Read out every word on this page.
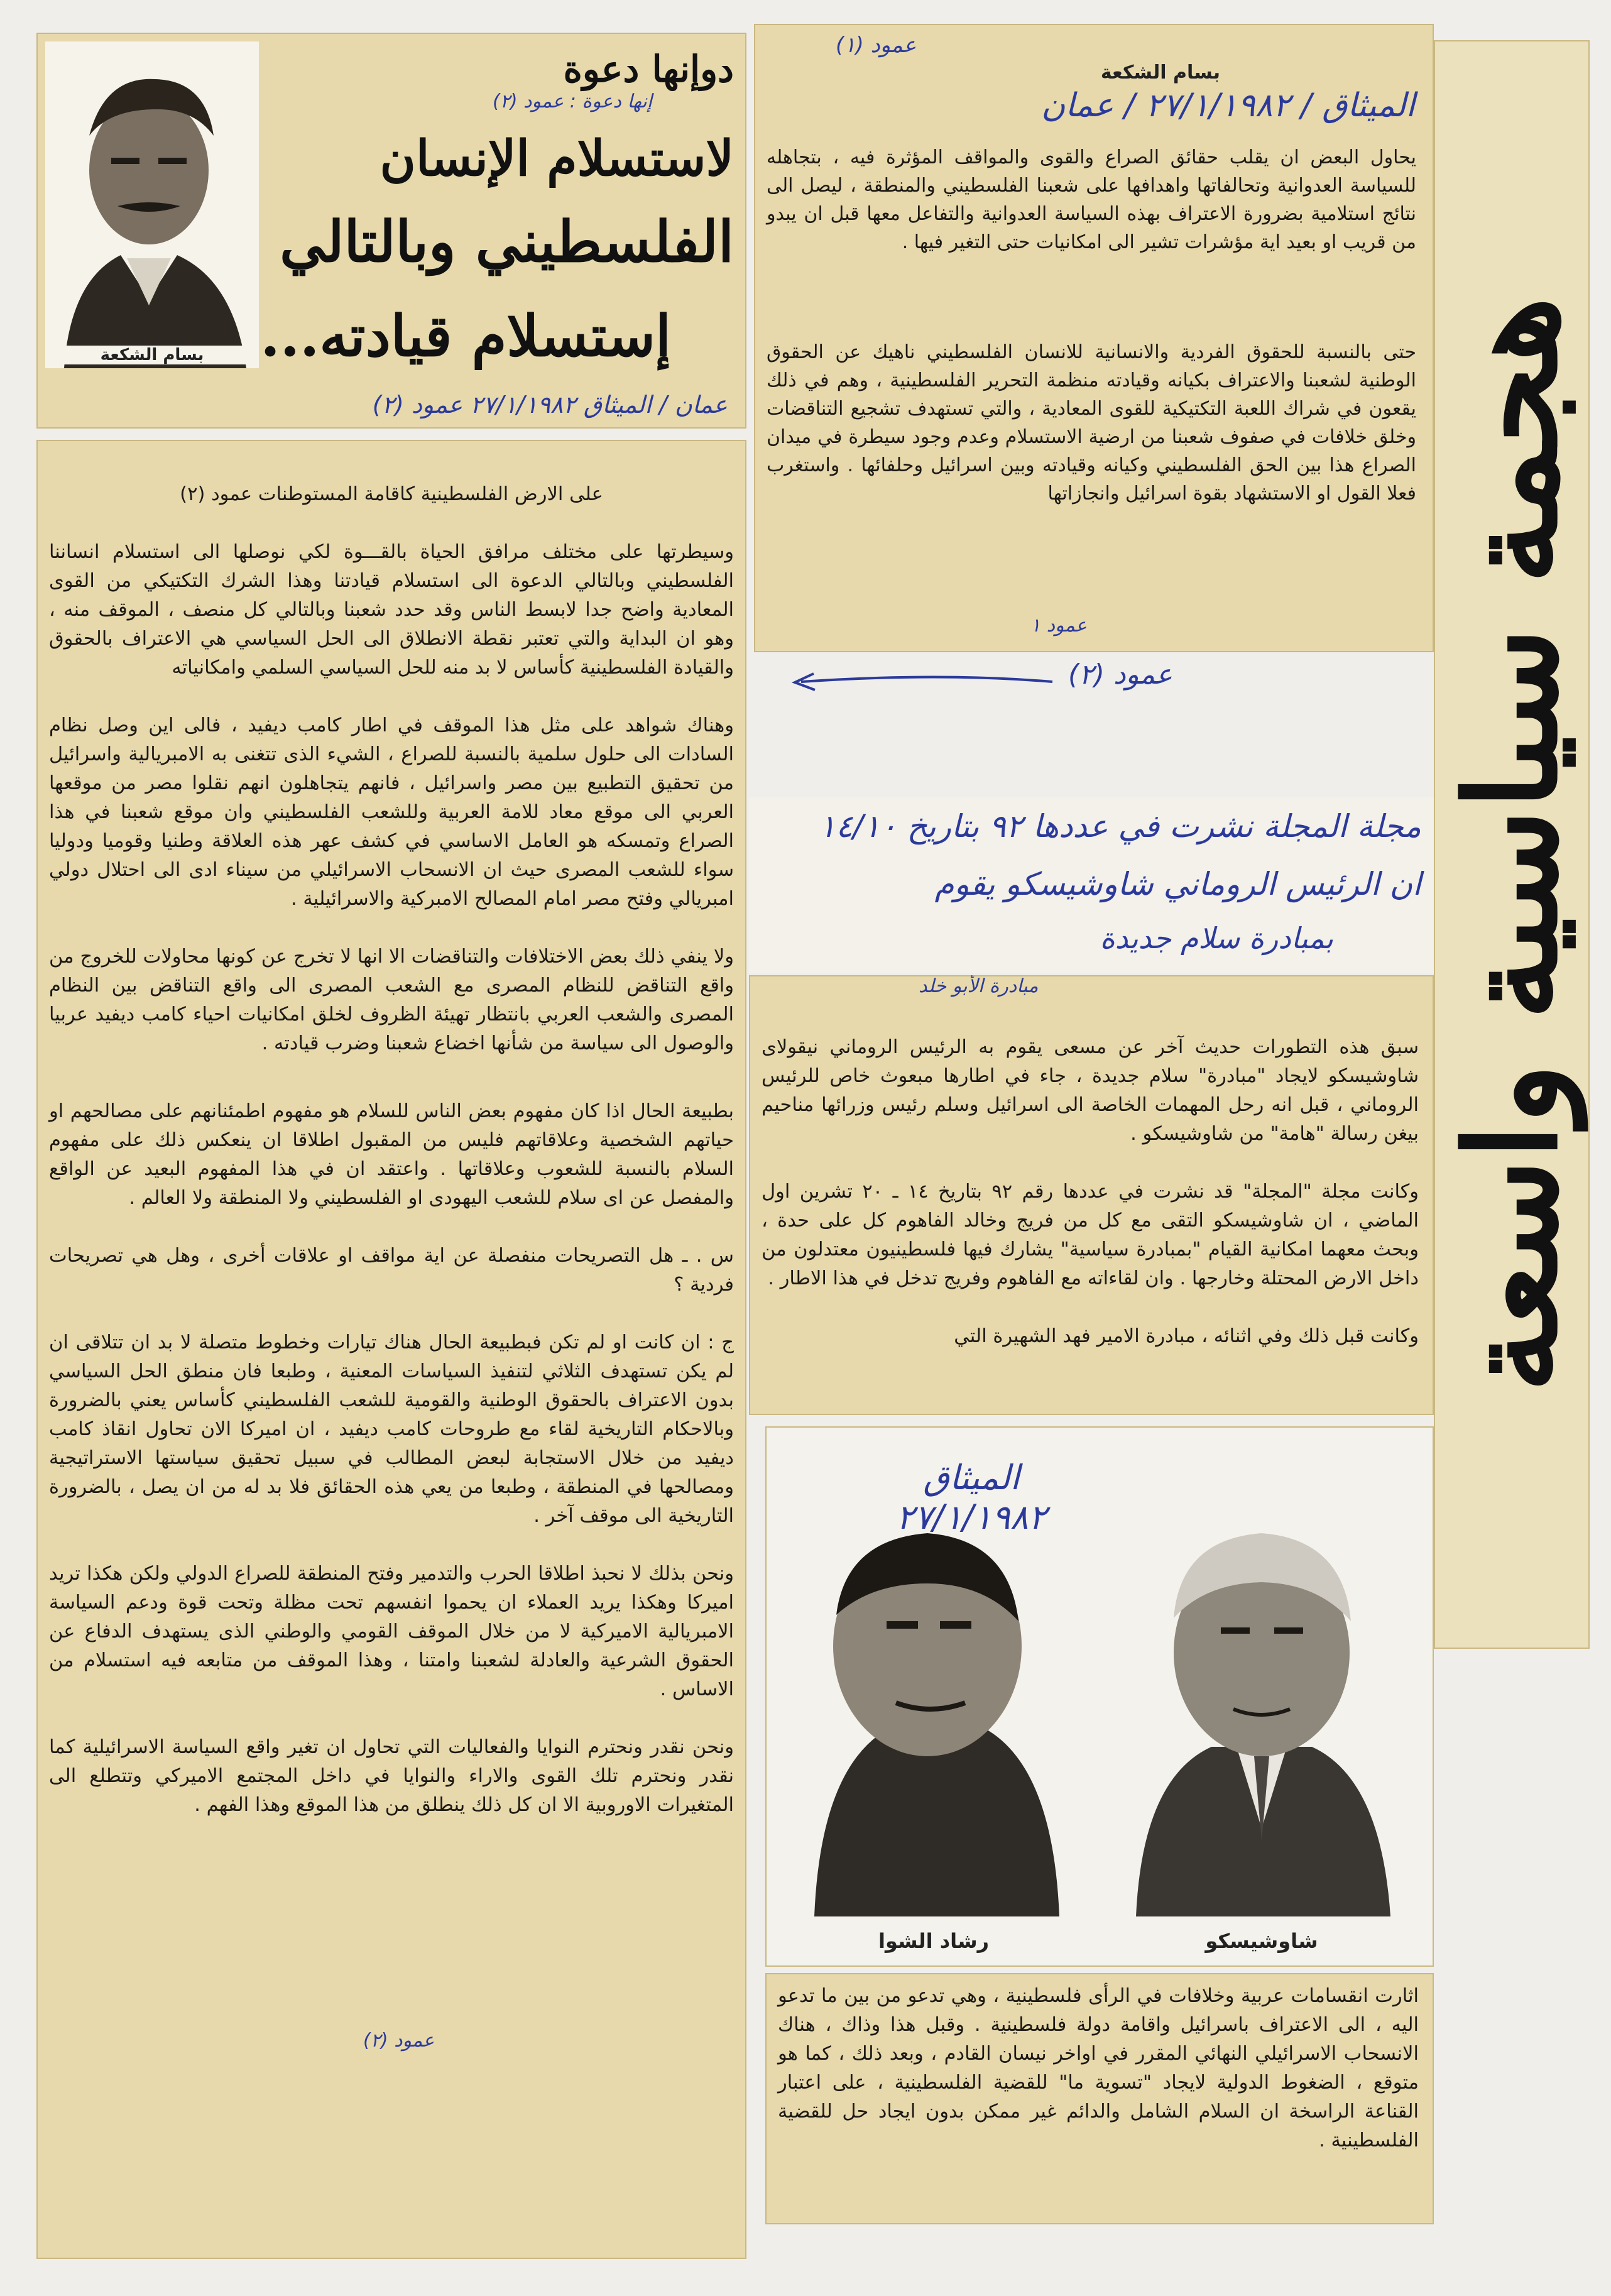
هجمة سياسية واسعة
بسام الشكعة
إنها دعوة : عمود (٢)
دوإنها دعوة
لاستسلام الإنسان
الفلسطيني وبالتالي
إستسلام قيادته...
عمان / الميثاق ٢٧/١/١٩٨٢ عمود (٢)
عمود (١)
بسام الشكعة
الميثاق / ٢٧/١/١٩٨٢ / عمان
يحاول البعض ان يقلب حقائق الصراع والقوى والمواقف المؤثرة فيه ، بتجاهله للسياسة العدوانية وتحالفاتها واهدافها على شعبنا الفلسطيني والمنطقة ، ليصل الى نتائج استلامية بضرورة الاعتراف بهذه السياسة العدوانية والتفاعل معها قبل ان يبدو من قريب او بعيد اية مؤشرات تشير الى امكانيات حتى التغير فيها .
حتى بالنسبة للحقوق الفردية والانسانية للانسان الفلسطيني ناهيك عن الحقوق الوطنية لشعبنا والاعتراف بكيانه وقيادته منظمة التحرير الفلسطينية ، وهم في ذلك يقعون في شراك اللعبة التكتيكية للقوى المعادية ، والتي تستهدف تشجيع التناقضات وخلق خلافات في صفوف شعبنا من ارضية الاستسلام وعدم وجود سيطرة في ميدان الصراع هذا بين الحق الفلسطيني وكيانه وقيادته وبين اسرائيل وحلفائها . واستغرب فعلا القول او الاستشهاد بقوة اسرائيل وانجازاتها
عمود ١
عمود (٢)

على الارض الفلسطينية كاقامة المستوطنات عمود (٢)

وسيطرتها على مختلف مرافق الحياة بالقـــوة لكي نوصلها الى استسلام انساننا الفلسطيني وبالتالي الدعوة الى استسلام قيادتنا وهذا الشرك التكتيكي من القوى المعادية واضح جدا لابسط الناس وقد حدد شعبنا وبالتالي كل منصف ، الموقف منه ، وهو ان البداية والتي تعتبر نقطة الانطلاق الى الحل السياسي هي الاعتراف بالحقوق والقيادة الفلسطينية كأساس لا بد منه للحل السياسي السلمي وامكانياته

وهناك شواهد على مثل هذا الموقف في اطار كامب ديفيد ، فالى اين وصل نظام السادات الى حلول سلمية بالنسبة للصراع ، الشيء الذى تتغنى به الامبريالية واسرائيل من تحقيق التطبيع بين مصر واسرائيل ، فانهم يتجاهلون انهم نقلوا مصر من موقعها العربي الى موقع معاد للامة العربية وللشعب الفلسطيني وان موقع شعبنا في هذا الصراع وتمسكه هو العامل الاساسي في كشف عهر هذه العلاقة وطنيا وقوميا ودوليا سواء للشعب المصرى حيث ان الانسحاب الاسرائيلي من سيناء ادى الى احتلال دولي امبريالي وفتح مصر امام المصالح الامبركية والاسرائيلية .

ولا ينفي ذلك بعض الاختلافات والتناقضات الا انها لا تخرج عن كونها محاولات للخروج من واقع التناقض للنظام المصرى مع الشعب المصرى الى واقع التناقض بين النظام المصرى والشعب العربي بانتظار تهيئة الظروف لخلق امكانيات احياء كامب ديفيد عربيا والوصول الى سياسة من شأنها اخضاع شعبنا وضرب قيادته .

بطبيعة الحال اذا كان مفهوم بعض الناس للسلام هو مفهوم اطمئنانهم على مصالحهم او حياتهم الشخصية وعلاقاتهم فليس من المقبول اطلاقا ان ينعكس ذلك على مفهوم السلام بالنسبة للشعوب وعلاقاتها . واعتقد ان في هذا المفهوم البعيد عن الواقع والمفصل عن اى سلام للشعب اليهودى او الفلسطيني ولا المنطقة ولا العالم .

س . ـ هل التصريحات منفصلة عن اية مواقف او علاقات أخرى ، وهل هي تصريحات فردية ؟

ج : ان كانت او لم تكن فبطبيعة الحال هناك تيارات وخطوط متصلة لا بد ان تتلاقى ان لم يكن تستهدف الثلاثي لتنفيذ السياسات المعنية ، وطبعا فان منطق الحل السياسي بدون الاعتراف بالحقوق الوطنية والقومية للشعب الفلسطيني كأساس يعني بالضرورة وبالاحكام التاريخية لقاء مع طروحات كامب ديفيد ، ان اميركا الان تحاول انقاذ كامب ديفيد من خلال الاستجابة لبعض المطالب في سبيل تحقيق سياستها الاستراتيجية ومصالحها في المنطقة ، وطبعا من يعي هذه الحقائق فلا بد له من ان يصل ، بالضرورة التاريخية الى موقف آخر .

ونحن بذلك لا نحبذ اطلاقا الحرب والتدمير وفتح المنطقة للصراع الدولي ولكن هكذا تريد اميركا وهكذا يريد العملاء ان يحموا انفسهم تحت مظلة وتحت قوة ودعم السياسة الامبريالية الاميركية لا من خلال الموقف القومي والوطني الذى يستهدف الدفاع عن الحقوق الشرعية والعادلة لشعبنا وامتنا ، وهذا الموقف من متابعه فيه استسلام من الاساس .

ونحن نقدر ونحترم النوايا والفعاليات التي تحاول ان تغير واقع السياسة الاسرائيلية كما نقدر ونحترم تلك القوى والاراء والنوايا في داخل المجتمع الاميركي وتتطلع الى المتغيرات الاوروبية الا ان كل ذلك ينطلق من هذا الموقع وهذا الفهم .

عمود (٢)
مجلة المجلة نشرت في عددها ٩٢ بتاريخ ١٤/١٠
ان الرئيس الروماني شاوشيسكو يقوم
بمبادرة سلام جديدة
مبادرة الأبو خلد

سبق هذه التطورات حديث آخر عن مسعى يقوم به الرئيس الروماني نيقولاى شاوشيسكو لايجاد "مبادرة" سلام جديدة ، جاء في اطارها مبعوث خاص للرئيس الروماني ، قبل انه رحل المهمات الخاصة الى اسرائيل وسلم رئيس وزرائها مناحيم بيغن رسالة "هامة" من شاوشيسكو .

وكانت مجلة "المجلة" قد نشرت في عددها رقم ٩٢ بتاريخ ١٤ ـ ٢٠ تشرين اول الماضي ، ان شاوشيسكو التقى مع كل من فريج وخالد الفاهوم كل على حدة ، وبحث معهما امكانية القيام "بمبادرة سياسية" يشارك فيها فلسطينيون معتدلون من داخل الارض المحتلة وخارجها . وان لقاءاته مع الفاهوم وفريج تدخل في هذا الاطار .

وكانت قبل ذلك وفي اثنائه ، مبادرة الامير فهد الشهيرة التي

الميثاق ٢٧/١/١٩٨٢
رشاد الشوا	شاوشيسكو
اثارت انقسامات عربية وخلافات في الرأى فلسطينية ، وهي تدعو من بين ما تدعو اليه ، الى الاعتراف باسرائيل واقامة دولة فلسطينية . وقبل هذا وذاك ، هناك الانسحاب الاسرائيلي النهائي المقرر في اواخر نيسان القادم ، وبعد ذلك ، كما هو متوقع ، الضغوط الدولية لايجاد "تسوية ما" للقضية الفلسطينية ، على اعتبار القناعة الراسخة ان السلام الشامل والدائم غير ممكن بدون ايجاد حل للقضية الفلسطينية .
